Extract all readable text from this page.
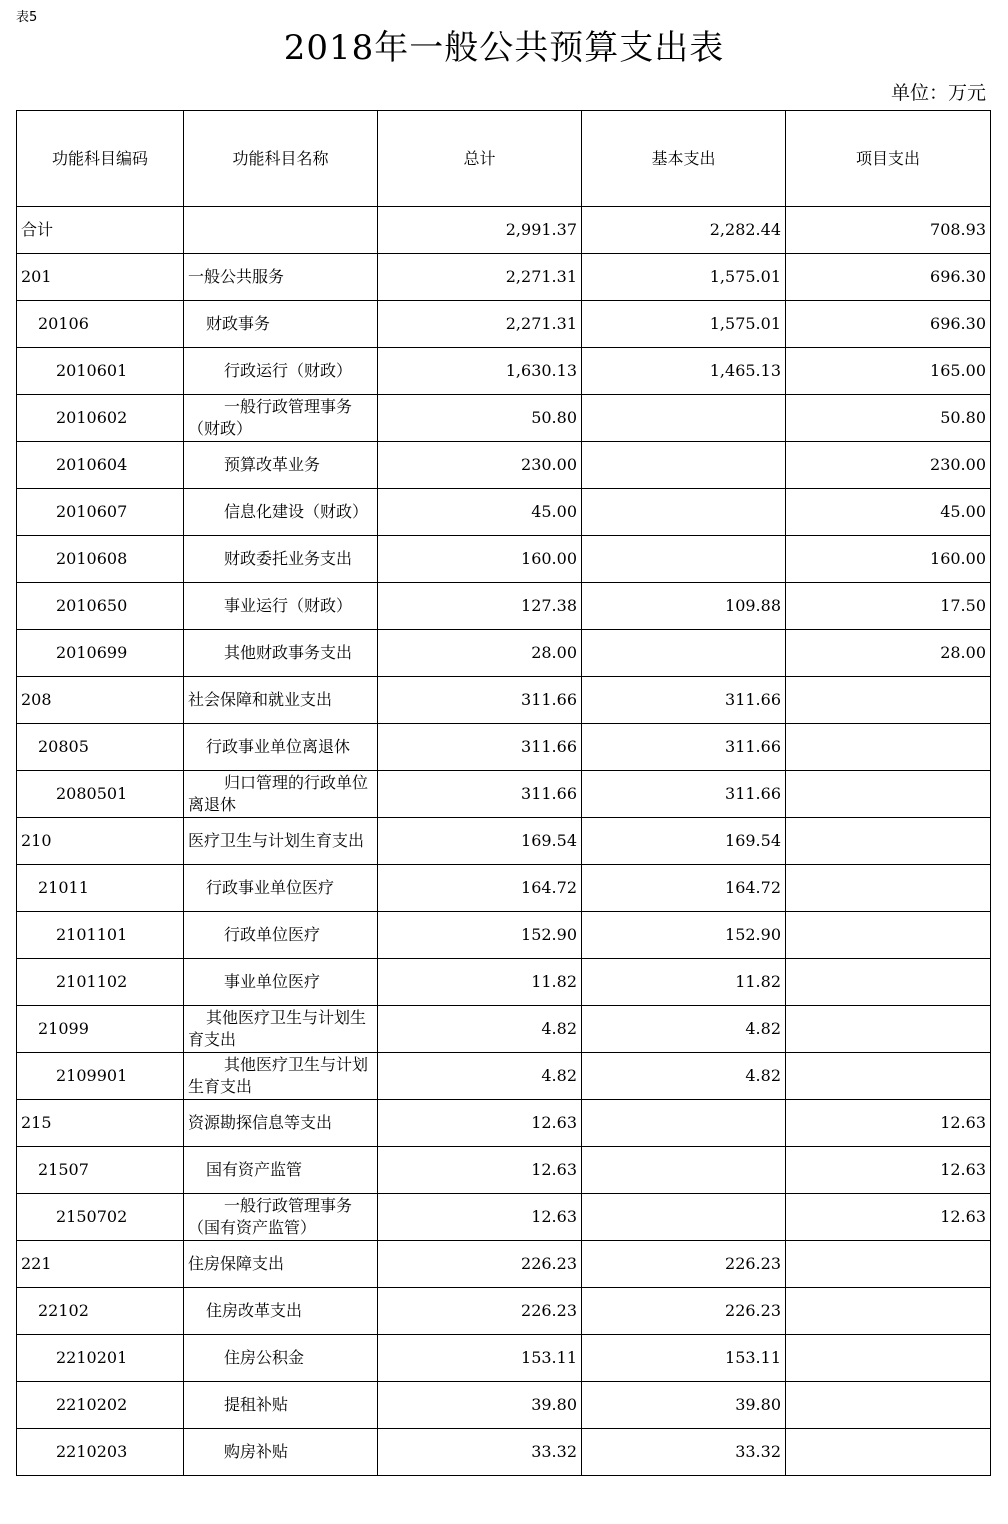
表5
2018年一般公共预算支出表
单位：万元
功能科目编码	功能科目名称	总计	基本支出	项目支出
合计		2,991.37	2,282.44	708.93
201	一般公共服务	2,271.31	1,575.01	696.30
20106	财政事务	2,271.31	1,575.01	696.30
2010601	行政运行（财政）	1,630.13	1,465.13	165.00
2010602	一般行政管理事务（财政）	50.80		50.80
2010604	预算改革业务	230.00		230.00
2010607	信息化建设（财政）	45.00		45.00
2010608	财政委托业务支出	160.00		160.00
2010650	事业运行（财政）	127.38	109.88	17.50
2010699	其他财政事务支出	28.00		28.00
208	社会保障和就业支出	311.66	311.66	
20805	行政事业单位离退休	311.66	311.66	
2080501	归口管理的行政单位离退休	311.66	311.66	
210	医疗卫生与计划生育支出	169.54	169.54	
21011	行政事业单位医疗	164.72	164.72	
2101101	行政单位医疗	152.90	152.90	
2101102	事业单位医疗	11.82	11.82	
21099	其他医疗卫生与计划生育支出	4.82	4.82	
2109901	其他医疗卫生与计划生育支出	4.82	4.82	
215	资源勘探信息等支出	12.63		12.63
21507	国有资产监管	12.63		12.63
2150702	一般行政管理事务（国有资产监管）	12.63		12.63
221	住房保障支出	226.23	226.23	
22102	住房改革支出	226.23	226.23	
2210201	住房公积金	153.11	153.11	
2210202	提租补贴	39.80	39.80	
2210203	购房补贴	33.32	33.32	
